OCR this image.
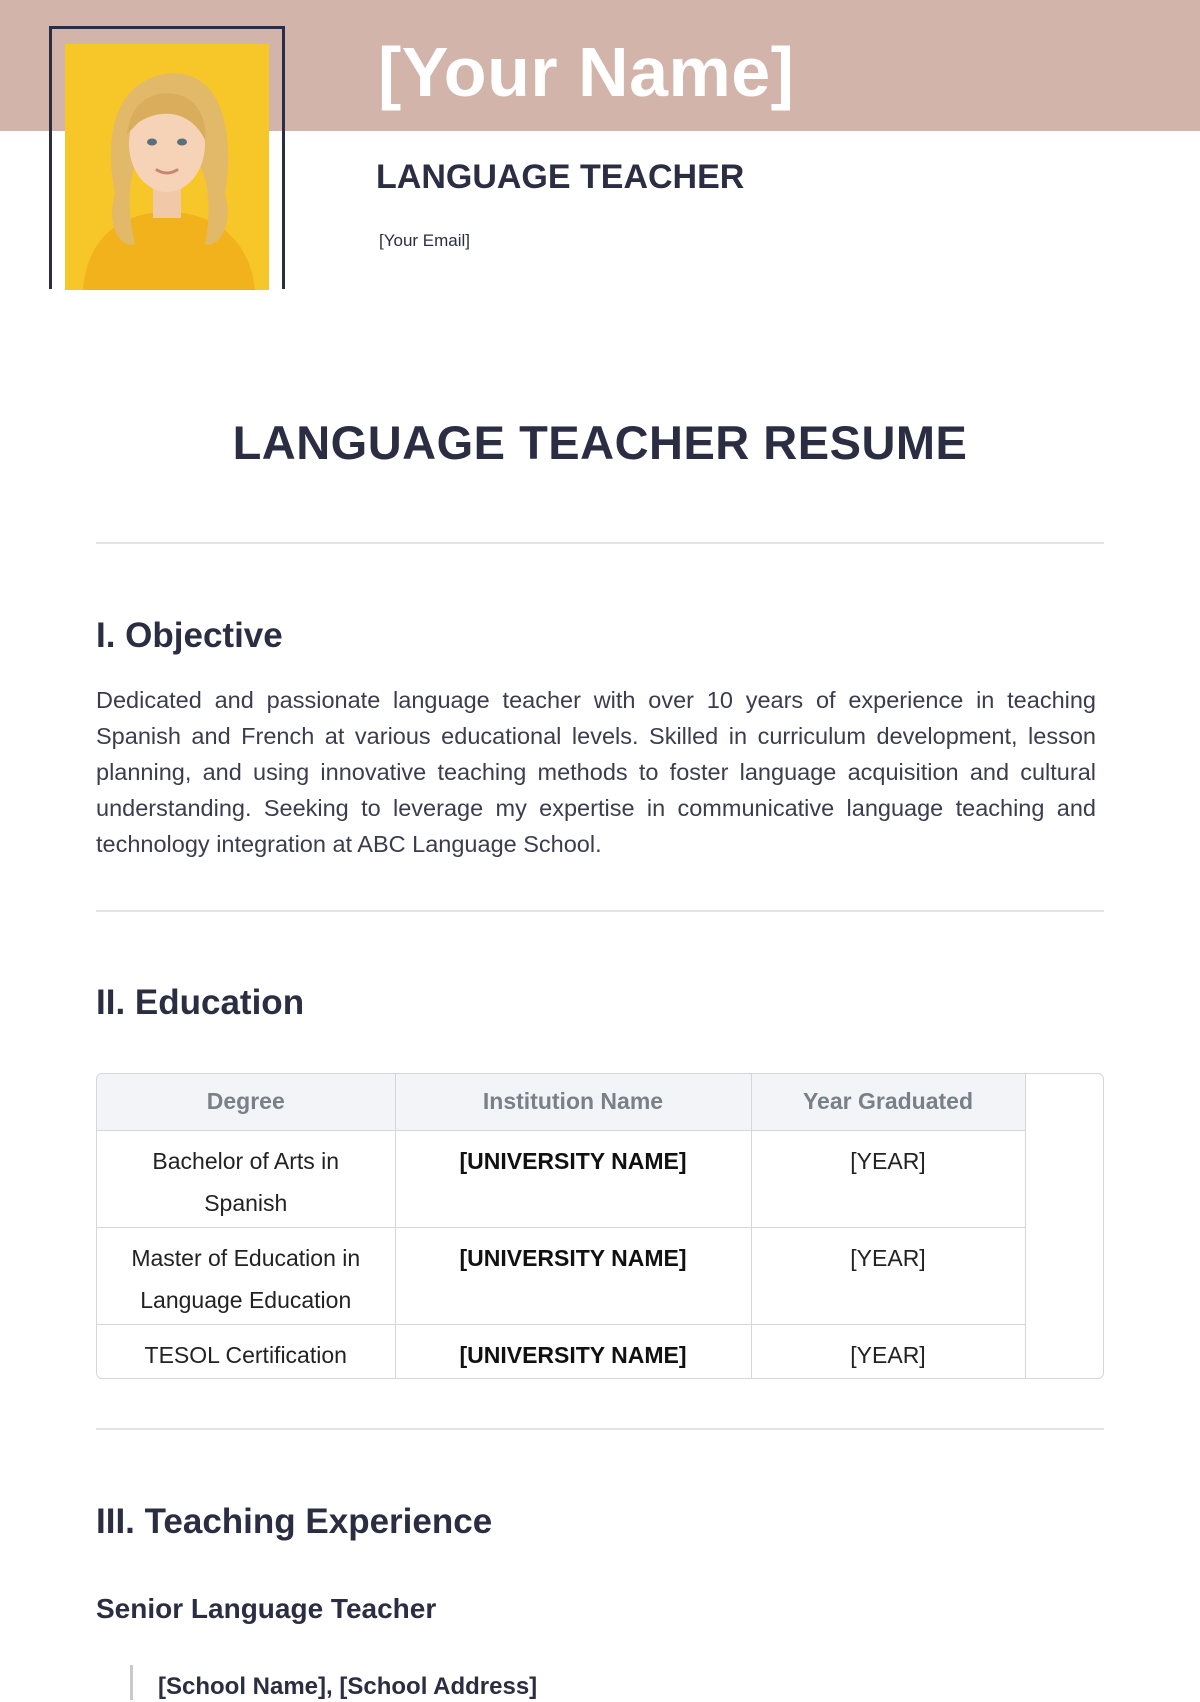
[Your Name]
LANGUAGE TEACHER
[Your Email]
LANGUAGE TEACHER RESUME
I. Objective

Dedicated and passionate language teacher with over 10 years of experience in teaching Spanish and French at various educational levels. Skilled in curriculum development, lesson planning, and using innovative teaching methods to foster language acquisition and cultural understanding. Seeking to leverage my expertise in communicative language teaching and technology integration at ABC Language School.

II. Education
Degree	Institution Name	Year Graduated
Bachelor of Arts in Spanish	[UNIVERSITY NAME]	[YEAR]
Master of Education in Language Education	[UNIVERSITY NAME]	[YEAR]
TESOL Certification	[UNIVERSITY NAME]	[YEAR]
III. Teaching Experience
Senior Language Teacher
[School Name], [School Address]
